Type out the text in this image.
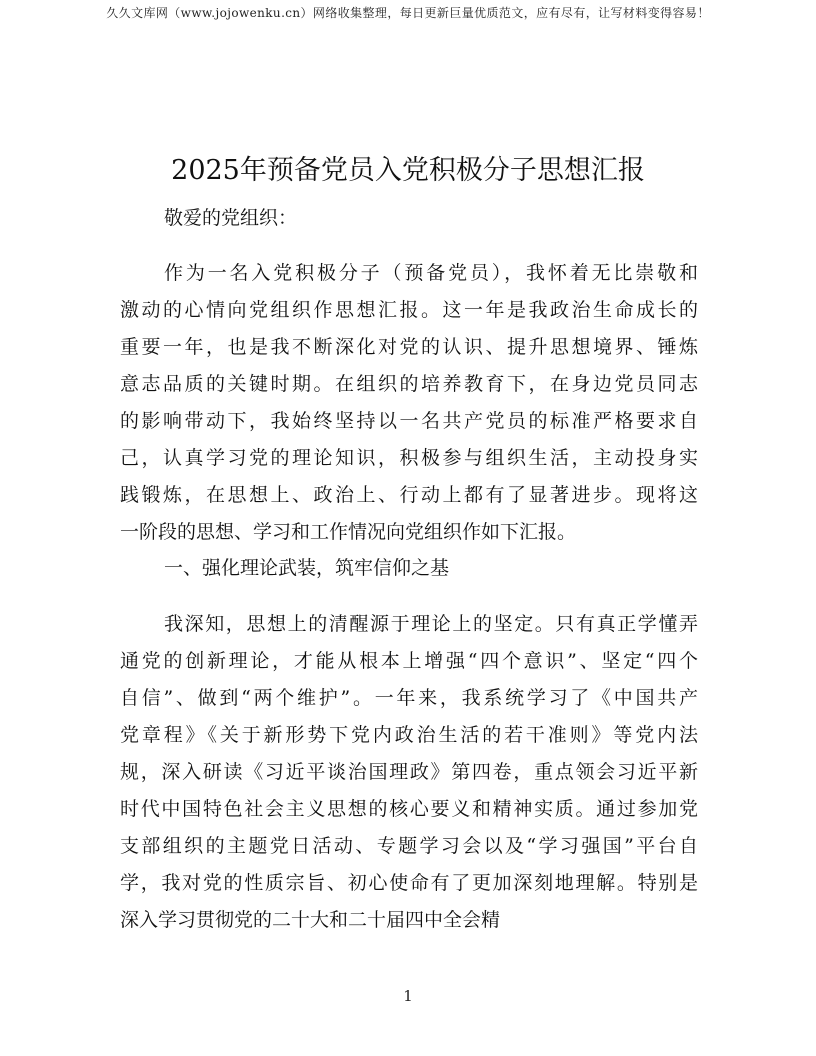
久久文库网（www.jojowenku.cn）网络收集整理，每日更新巨量优质范文，应有尽有，让写材料变得容易！
2025年预备党员入党积极分子思想汇报
敬爱的党组织：
作为一名入党积极分子（预备党员），我怀着无比崇敬和
激动的心情向党组织作思想汇报。这一年是我政治生命成长的
重要一年，也是我不断深化对党的认识、提升思想境界、锤炼
意志品质的关键时期。在组织的培养教育下，在身边党员同志
的影响带动下，我始终坚持以一名共产党员的标准严格要求自
己，认真学习党的理论知识，积极参与组织生活，主动投身实
践锻炼，在思想上、政治上、行动上都有了显著进步。现将这
一阶段的思想、学习和工作情况向党组织作如下汇报。
一、强化理论武装，筑牢信仰之基
我深知，思想上的清醒源于理论上的坚定。只有真正学懂弄
通党的创新理论，才能从根本上增强“四个意识”、坚定“四个
自信”、做到“两个维护”。一年来，我系统学习了《中国共产
党章程》《关于新形势下党内政治生活的若干准则》等党内法
规，深入研读《习近平谈治国理政》第四卷，重点领会习近平新
时代中国特色社会主义思想的核心要义和精神实质。通过参加党
支部组织的主题党日活动、专题学习会以及“学习强国”平台自
学，我对党的性质宗旨、初心使命有了更加深刻地理解。特别是
深入学习贯彻党的二十大和二十届四中全会精
1
